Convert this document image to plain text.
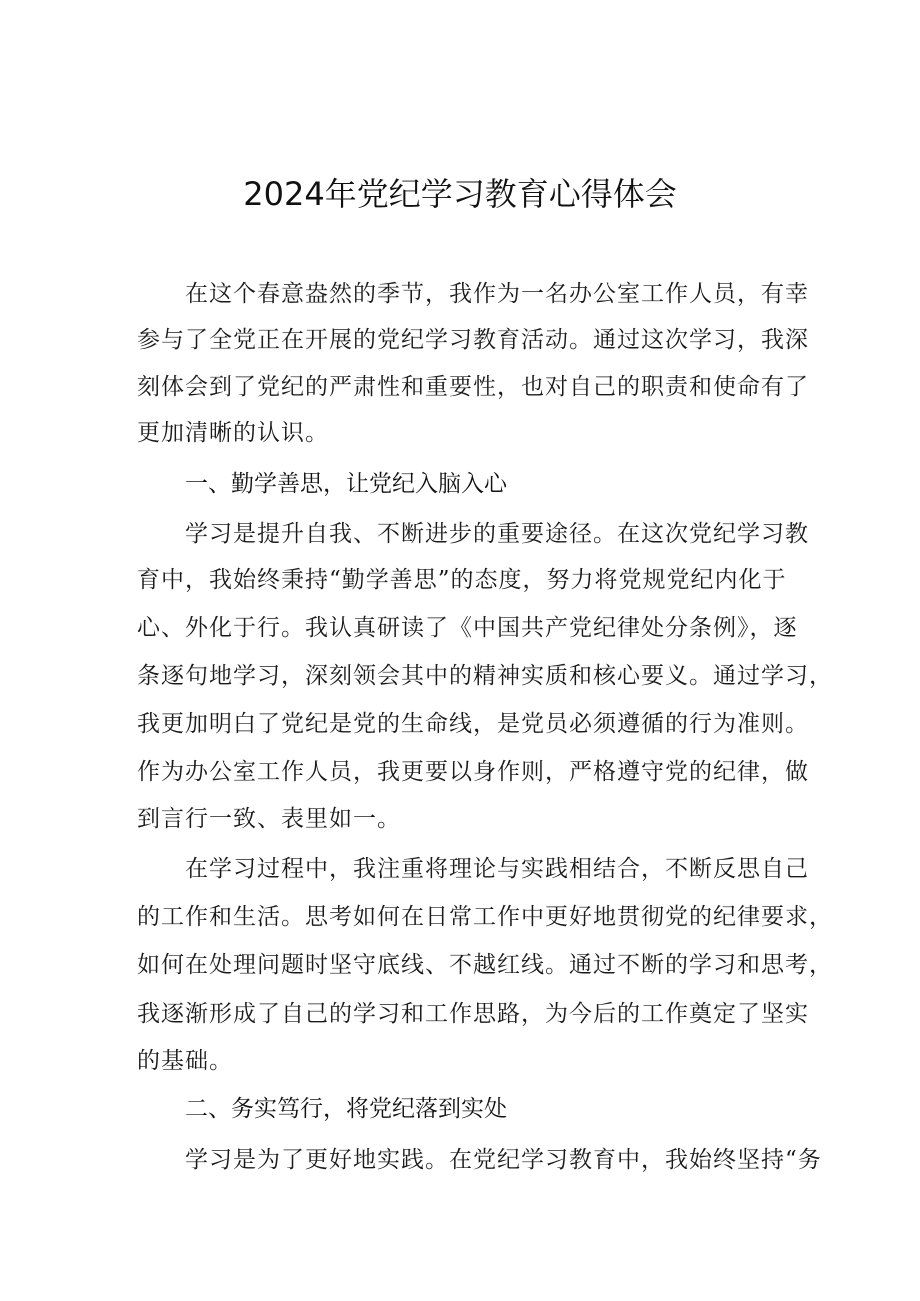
2024年党纪学习教育心得体会
在这个春意盎然的季节，我作为一名办公室工作人员，有幸
参与了全党正在开展的党纪学习教育活动。通过这次学习，我深
刻体会到了党纪的严肃性和重要性，也对自己的职责和使命有了
更加清晰的认识。
一、勤学善思，让党纪入脑入心
学习是提升自我、不断进步的重要途径。在这次党纪学习教
育中，我始终秉持“勤学善思”的态度，努力将党规党纪内化于
心、外化于行。我认真研读了《中国共产党纪律处分条例》，逐
条逐句地学习，深刻领会其中的精神实质和核心要义。通过学习，
我更加明白了党纪是党的生命线，是党员必须遵循的行为准则。
作为办公室工作人员，我更要以身作则，严格遵守党的纪律，做
到言行一致、表里如一。
在学习过程中，我注重将理论与实践相结合，不断反思自己
的工作和生活。思考如何在日常工作中更好地贯彻党的纪律要求，
如何在处理问题时坚守底线、不越红线。通过不断的学习和思考，
我逐渐形成了自己的学习和工作思路，为今后的工作奠定了坚实
的基础。
二、务实笃行，将党纪落到实处
学习是为了更好地实践。在党纪学习教育中，我始终坚持“务
